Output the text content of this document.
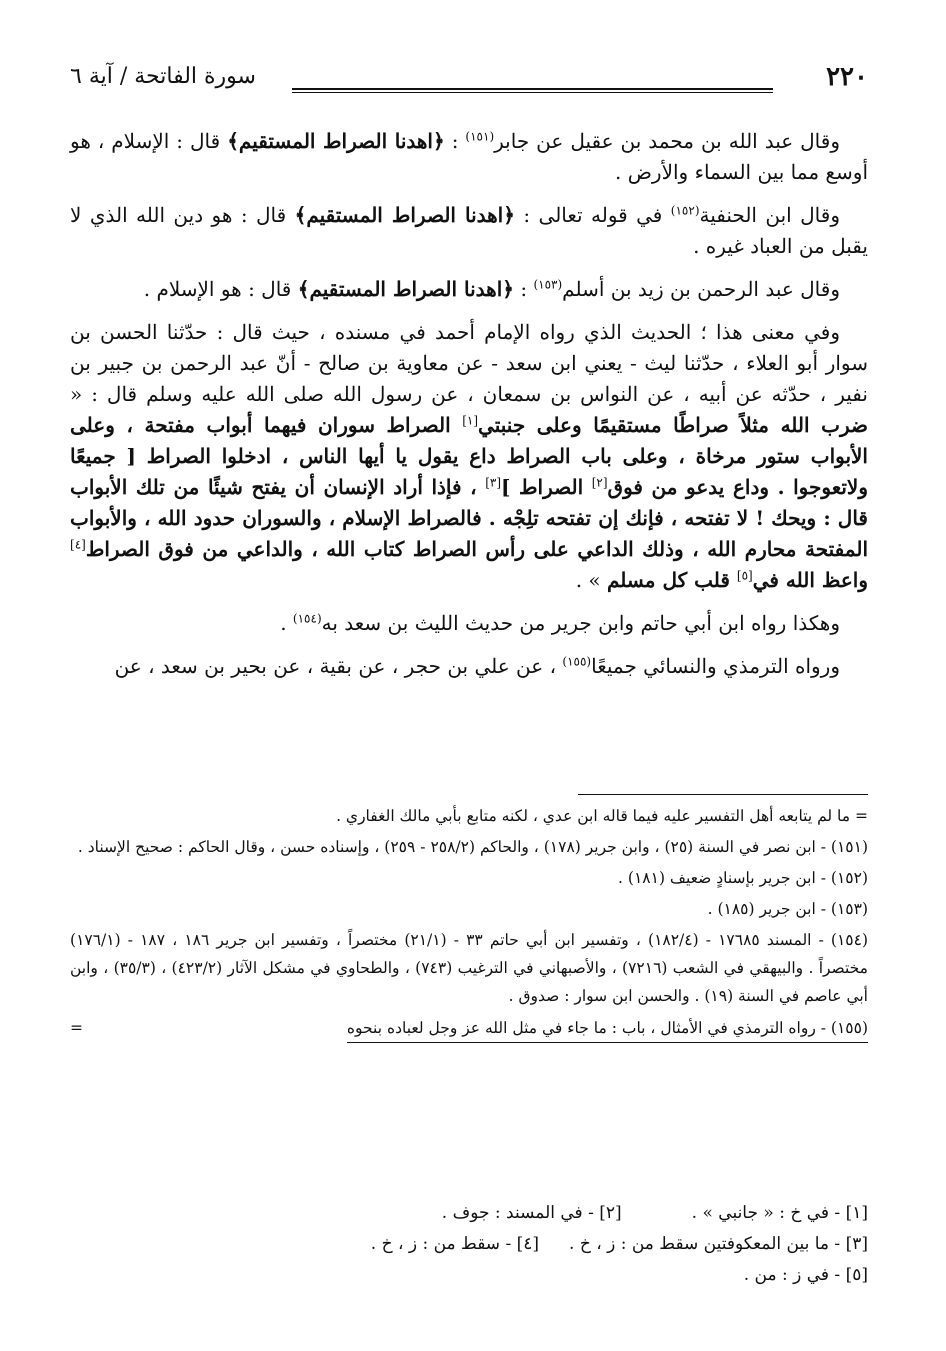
٢٢٠
سورة الفاتحة / آية ٦

وقال عبد الله بن محمد بن عقيل عن جابر$^{(١٥١)}$ : ﴿اهدنا الصراط المستقيم﴾ قال : الإسلام ، هو أوسع مما بين السماء والأرض .

وقال ابن الحنفية$^{(١٥٢)}$ في قوله تعالى : ﴿اهدنا الصراط المستقيم﴾ قال : هو دين الله الذي لا يقبل من العباد غيره .

وقال عبد الرحمن بن زيد بن أسلم$^{(١٥٣)}$ : ﴿اهدنا الصراط المستقيم﴾ قال : هو الإسلام .

وفي معنى هذا ؛ الحديث الذي رواه الإمام أحمد في مسنده ، حيث قال : حدّثنا الحسن بن سوار أبو العلاء ، حدّثنا ليث - يعني ابن سعد - عن معاوية بن صالح - أنّ عبد الرحمن بن جبير بن نفير ، حدّثه عن أبيه ، عن النواس بن سمعان ، عن رسول الله صلى الله عليه وسلم قال : « ضرب الله مثلاً صراطًا مستقيمًا وعلى جنبتي[١] الصراط سوران فيهما أبواب مفتحة ، وعلى الأبواب ستور مرخاة ، وعلى باب الصراط داع يقول يا أيها الناس ، ادخلوا الصراط [ جميعًا ولاتعوجوا . وداع يدعو من فوق[٢] الصراط ][٣] ، فإذا أراد الإنسان أن يفتح شيئًا من تلك الأبواب قال : ويحك ! لا تفتحه ، فإنك إن تفتحه تلِجْه . فالصراط الإسلام ، والسوران حدود الله ، والأبواب المفتحة محارم الله ، وذلك الداعي على رأس الصراط كتاب الله ، والداعي من فوق الصراط[٤] واعظ الله في[٥] قلب كل مسلم » .

وهكذا رواه ابن أبي حاتم وابن جرير من حديث الليث بن سعد به$^{(١٥٤)}$ .

ورواه الترمذي والنسائي جميعًا$^{(١٥٥)}$ ، عن علي بن حجر ، عن بقية ، عن بحير بن سعد ، عن

= ما لم يتابعه أهل التفسير عليه فيما قاله ابن عدي ، لكنه متابع بأبي مالك الغفاري .
(١٥١) - ابن نصر في السنة (٢٥) ، وابن جرير (١٧٨) ، والحاكم (٢٥٨/٢ - ٢٥٩) ، وإسناده حسن ، وقال الحاكم : صحيح الإسناد .
(١٥٢) - ابن جرير بإسنادٍ ضعيف (١٨١) .
(١٥٣) - ابن جرير (١٨٥) .
(١٥٤) - المسند ١٧٦٨٥ - (١٨٢/٤) ، وتفسير ابن أبي حاتم ٣٣ - (٢١/١) مختصراً ، وتفسير ابن جرير ١٨٦ ، ١٨٧ - (١٧٦/١) مختصراً . والبيهقي في الشعب (٧٢١٦) ، والأصبهاني في الترغيب (٧٤٣) ، والطحاوي في مشكل الآثار (٤٢٣/٢) ، (٣٥/٣) ، وابن أبي عاصم في السنة (١٩) . والحسن ابن سوار : صدوق .
(١٥٥) - رواه الترمذي في الأمثال ، باب : ما جاء في مثل الله عز وجل لعباده بنحوه
=
[١] - في خ : « جانبي » .
[٢] - في المسند : جوف .
[٣] - ما بين المعكوفتين سقط من : ز ، خ .
[٤] - سقط من : ز ، خ .
[٥] - في ز : من .
